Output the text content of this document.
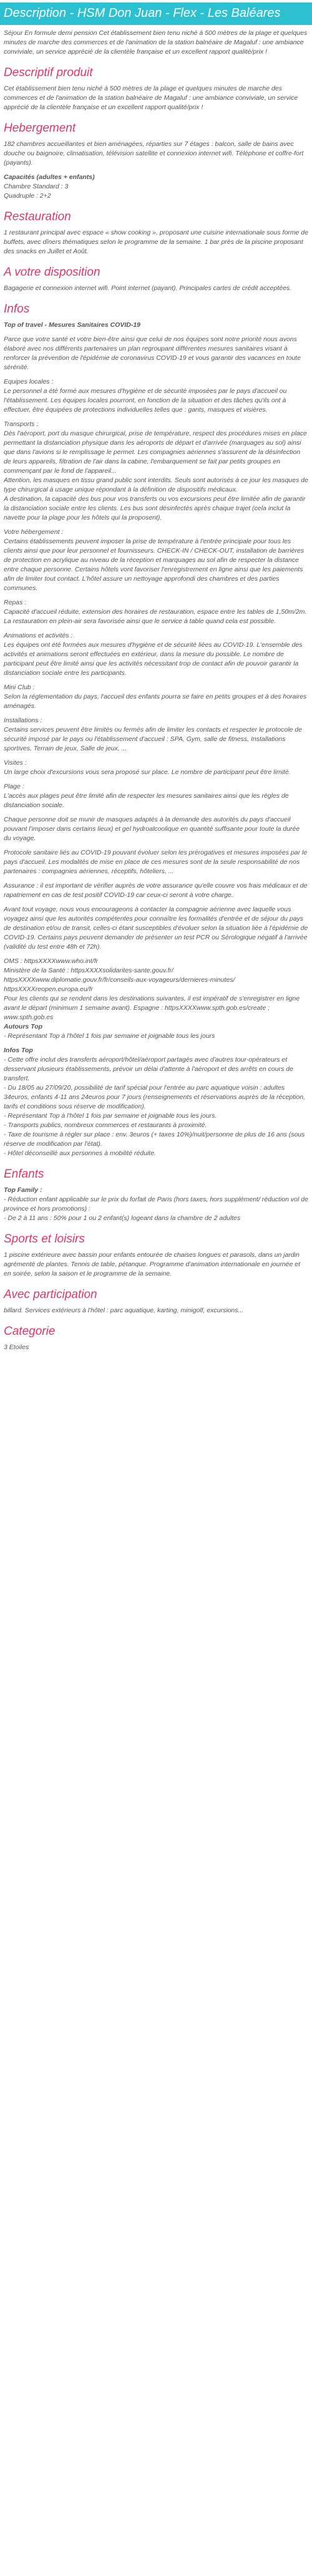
Description - HSM Don Juan - Flex - Les Baléares

Séjour En formule demi pension Cet établissement bien tenu niché à 500 mètres de la plage et quelques minutes de marche des commerces et de l'animation de la station balnéaire de Magaluf : une ambiance conviviale, un service apprécié de la clientèle française et un excellent rapport qualité/prix !

Descriptif produit

Cet établissement bien tenu niché à 500 mètres de la plage et quelques minutes de marche des commerces et de l'animation de la station balnéaire de Magaluf : une ambiance conviviale, un service apprécié de la clientèle française et un excellent rapport qualité/prix !

Hebergement

182 chambres accueillantes et bien aménagées, réparties sur 7 étages : balcon, salle de bains avec douche ou baignoire, climatisation, télévision satellite et connexion internet wifi. Téléphone et coffre-fort (payants).

Capacités (adultes + enfants)

Chambre Standard : 3

Quadruple : 2+2

Restauration

1 restaurant principal avec espace « show cooking », proposant une cuisine internationale sous forme de buffets, avec dîners thématiques selon le programme de la semaine. 1 bar près de la piscine proposant des snacks en Juillet et Août.

A votre disposition

Bagagerie et connexion internet wifi. Point internet (payant). Principales cartes de crédit acceptées.

Infos

Top of travel - Mesures Sanitaires COVID-19

Parce que votre santé et votre bien-être ainsi que celui de nos équipes sont notre priorité nous avons élaboré avec nos différents partenaires un plan regroupant différentes mesures sanitaires visant à renforcer la prévention de l'épidémie de coronavirus COVID-19 et vous garantir des vacances en toute sérénité.

Equipes locales :
Le personnel a été formé aux mesures d'hygiène et de sécurité imposées par le pays d'accueil ou l'établissement. Les équipes locales pourront, en fonction de la situation et des tâches qu'ils ont à effectuer, être équipées de protections individuelles telles que : gants, masques et visières.

Transports :
Dès l'aéroport, port du masque chirurgical, prise de température, respect des procédures mises en place permettant la distanciation physique dans les aéroports de départ et d'arrivée (marquages au sol) ainsi que dans l'avions si le remplissage le permet. Les compagnies aériennes s'assurent de la désinfection de leurs appareils, filtration de l'air dans la cabine, l'embarquement se fait par petits groupes en commençant par le fond de l'appareil...
Attention, les masques en tissu grand public sont interdits. Seuls sont autorisés à ce jour les masques de type chirurgical à usage unique répondant à la définition de dispositifs médicaux.
A destination, la capacité des bus pour vos transferts ou vos excursions peut être limitée afin de garantir la distanciation sociale entre les clients. Les bus sont désinfectés après chaque trajet (cela inclut la navette pour la plage pour les hôtels qui la proposent).

Votre hébergement :
Certains établissements peuvent imposer la prise de température à l'entrée principale pour tous les clients ainsi que pour leur personnel et fournisseurs. CHECK-IN / CHECK-OUT, installation de barrières de protection en acrylique au niveau de la réception et marquages au sol afin de respecter la distance entre chaque personne. Certains hôtels vont favoriser l'enregistrement en ligne ainsi que les paiements afin de limiter tout contact. L'hôtel assure un nettoyage approfondi des chambres et des parties communes.

Repas :
Capacité d'accueil réduite, extension des horaires de restauration, espace entre les tables de 1,50m/2m. La restauration en plein-air sera favorisée ainsi que le service à table quand cela est possible.

Animations et activités :
Les équipes ont été formées aux mesures d'hygiène et de sécurité liées au COVID-19. L'ensemble des activités et animations seront effectuées en extérieur, dans la mesure du possible. Le nombre de participant peut être limité ainsi que les activités nécessitant trop de contact afin de pouvoir garantir la distanciation sociale entre les participants.

Mini Club :
Selon la réglementation du pays, l'accueil des enfants pourra se faire en petits groupes et à des horaires aménagés.

Installations :
Certains services peuvent être limités ou fermés afin de limiter les contacts et respecter le protocole de sécurité imposé par le pays ou l'établissement d'accueil : SPA, Gym, salle de fitness, Installations sportives, Terrain de jeux, Salle de jeux, ...

Visites :
Un large choix d'excursions vous sera proposé sur place. Le nombre de participant peut être limité.

Plage :
L'accès aux plages peut être limité afin de respecter les mesures sanitaires ainsi que les règles de distanciation sociale.

Chaque personne doit se munir de masques adaptés à la demande des autorités du pays d'accueil pouvant l'imposer dans certains lieux) et gel hydroalcoolique en quantité suffisante pour toute la durée du voyage.

Protocole sanitaire liés au COVID-19 pouvant évoluer selon les prérogatives et mesures imposées par le pays d'accueil. Les modalités de mise en place de ces mesures sont de la seule responsabilité de nos partenaires : compagnies aériennes, réceptifs, hôteliers, ...

Assurance : il est important de vérifier auprès de votre assurance qu'elle couvre vos frais médicaux et de rapatriement en cas de test positif COVID-19 car ceux-ci seront à votre charge.

Avant tout voyage, nous vous encourageons à contacter la compagnie aérienne avec laquelle vous voyagez ainsi que les autorités compétentes pour connaître les formalités d'entrée et de séjour du pays de destination et/ou de transit, celles-ci étant susceptibles d'évoluer selon la situation liée à l'épidémie de COVID-19. Certains pays peuvent demander de présenter un test PCR ou Sérologique négatif à l'arrivée (validité du test entre 48h et 72h).

OMS : httpsXXXXwww.who.int/fr
Ministère de la Santé : httpsXXXXsolidarites-sante.gouv.fr/
httpsXXXXwww.diplomatie.gouv.fr/fr/conseils-aux-voyageurs/dernieres-minutes/
httpsXXXXreopen.europa.eu/fr
Pour les clients qui se rendent dans les destinations suivantes, il est impératif de s'enregistrer en ligne avant le départ (minimum 1 semaine avant). Espagne : httpsXXXXwww.spth.gob.es/create ; www.spth.gob.es

Autours Top

- Représentant Top à l'hôtel 1 fois par semaine et joignable tous les jours

Infos Top

- Cette offre inclut des transferts aéroport/hôtel/aéroport partagés avec d'autres tour-opérateurs et desservant plusieurs établissements, prévoir un délai d'attente à l'aéroport et des arrêts en cours de transfert.
- Du 18/05 au 27/09/20, possibilité de tarif spécial pour l'entrée au parc aquatique voisin : adultes 34euros, enfants 4-11 ans 24euros pour 7 jours (renseignements et réservations auprès de la réception, tarifs et conditions sous réserve de modification).
- Représentant Top à l'hôtel 1 fois par semaine et joignable tous les jours.
- Transports publics, nombreux commerces et restaurants à proximité.
- Taxe de tourisme à régler sur place : env. 3euros (+ taxes 10%)/nuit/personne de plus de 16 ans (sous réserve de modification par l'état).
- Hôtel déconseillé aux personnes à mobilité réduite.

Enfants

Top Family :

- Réduction enfant applicable sur le prix du forfait de Paris (hors taxes, hors supplément/ réduction vol de province et hors promotions) :
- De 2 à 11 ans : 50% pour 1 ou 2 enfant(s) logeant dans la chambre de 2 adultes

Sports et loisirs

1 piscine extérieure avec bassin pour enfants entourée de chaises longues et parasols, dans un jardin agrémenté de plantes. Tennis de table, pétanque. Programme d'animation internationale en journée et en soirée, selon la saison et le programme de la semaine.

Avec participation

billard. Services extérieurs à l'hôtel : parc aquatique, karting, minigolf, excursions...

Categorie

3 Etoiles
